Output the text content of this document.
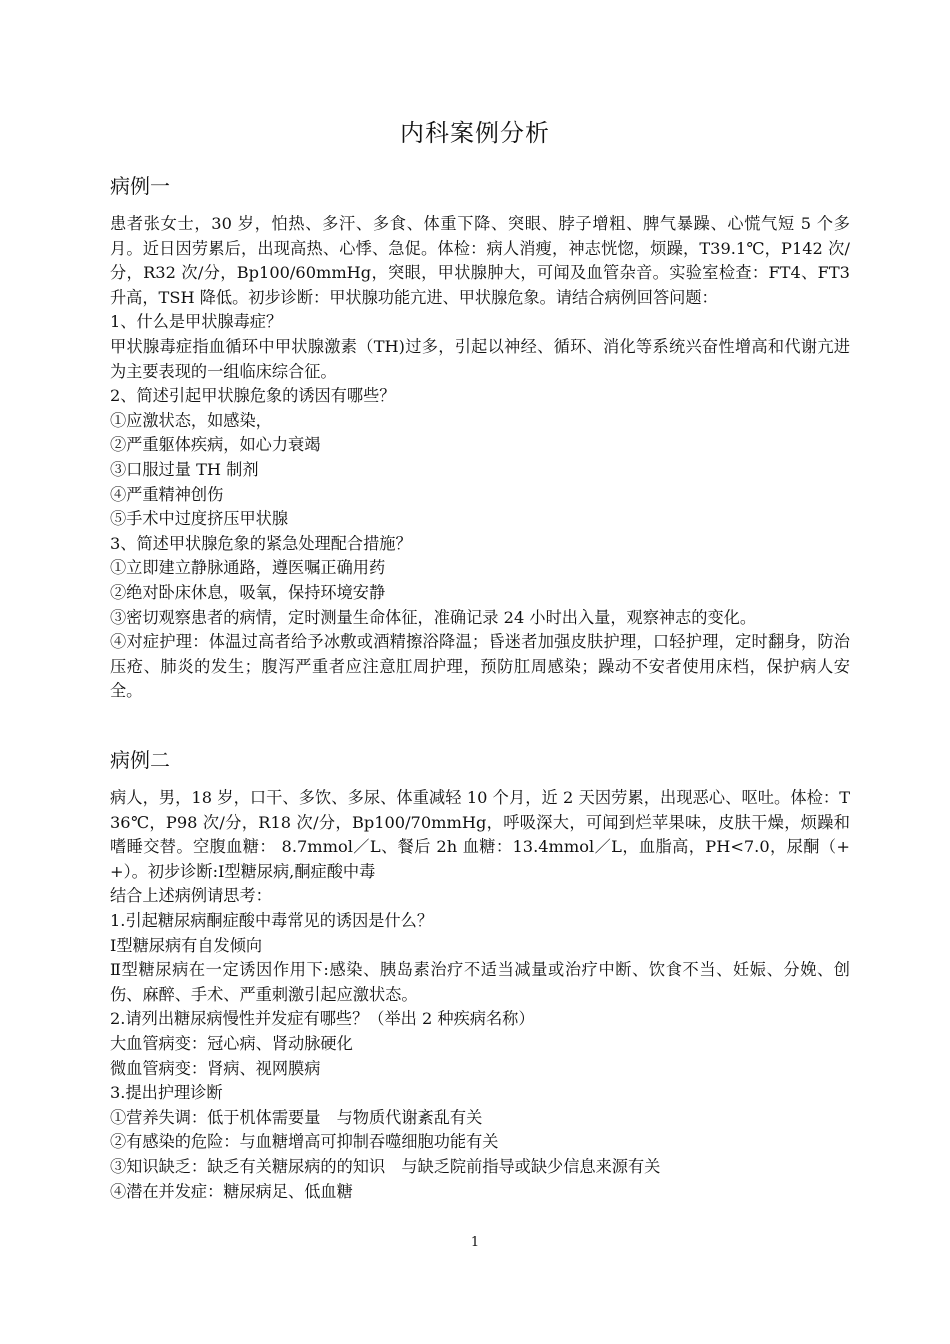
内科案例分析
病例一

患者张女士，30 岁，怕热、多汗、多食、体重下降、突眼、脖子增粗、脾气暴躁、心慌气短 5 个多月。近日因劳累后，出现高热、心悸、急促。体检：病人消瘦，神志恍惚，烦躁，T39.1℃，P142 次/分，R32 次/分，Bp100/60mmHg，突眼，甲状腺肿大，可闻及血管杂音。实验室检查：FT4、FT3 升高，TSH 降低。初步诊断：甲状腺功能亢进、甲状腺危象。请结合病例回答问题：

1、什么是甲状腺毒症？

甲状腺毒症指血循环中甲状腺激素（TH)过多，引起以神经、循环、消化等系统兴奋性增高和代谢亢进为主要表现的一组临床综合征。

2、简述引起甲状腺危象的诱因有哪些？

①应激状态，如感染，

②严重躯体疾病，如心力衰竭

③口服过量 TH 制剂

④严重精神创伤

⑤手术中过度挤压甲状腺

3、简述甲状腺危象的紧急处理配合措施？

①立即建立静脉通路，遵医嘱正确用药

②绝对卧床休息，吸氧，保持环境安静

③密切观察患者的病情，定时测量生命体征，准确记录 24 小时出入量，观察神志的变化。

④对症护理：体温过高者给予冰敷或酒精擦浴降温；昏迷者加强皮肤护理，口轻护理，定时翻身，防治压疮、肺炎的发生；腹泻严重者应注意肛周护理，预防肛周感染；躁动不安者使用床档，保护病人安全。

病例二

病人，男，18 岁，口干、多饮、多尿、体重减轻 10 个月，近 2 天因劳累，出现恶心、呕吐。体检：T36℃，P98 次/分，R18 次/分，Bp100/70mmHg，呼吸深大，可闻到烂苹果味，皮肤干燥，烦躁和嗜睡交替。空腹血糖： 8.7mmol／L、餐后 2h 血糖：13.4mmol／L，血脂高，PH<7.0，尿酮（++）。初步诊断:Ⅰ型糖尿病,酮症酸中毒

结合上述病例请思考：

1.引起糖尿病酮症酸中毒常见的诱因是什么？

Ⅰ型糖尿病有自发倾向

Ⅱ型糖尿病在一定诱因作用下:感染、胰岛素治疗不适当减量或治疗中断、饮食不当、妊娠、分娩、创伤、麻醉、手术、严重刺激引起应激状态。

2.请列出糖尿病慢性并发症有哪些？（举出 2 种疾病名称）

大血管病变：冠心病、肾动脉硬化

微血管病变：肾病、视网膜病

3.提出护理诊断

①营养失调：低于机体需要量　与物质代谢紊乱有关

②有感染的危险：与血糖增高可抑制吞噬细胞功能有关

③知识缺乏：缺乏有关糖尿病的的知识　与缺乏院前指导或缺少信息来源有关

④潜在并发症：糖尿病足、低血糖

1
